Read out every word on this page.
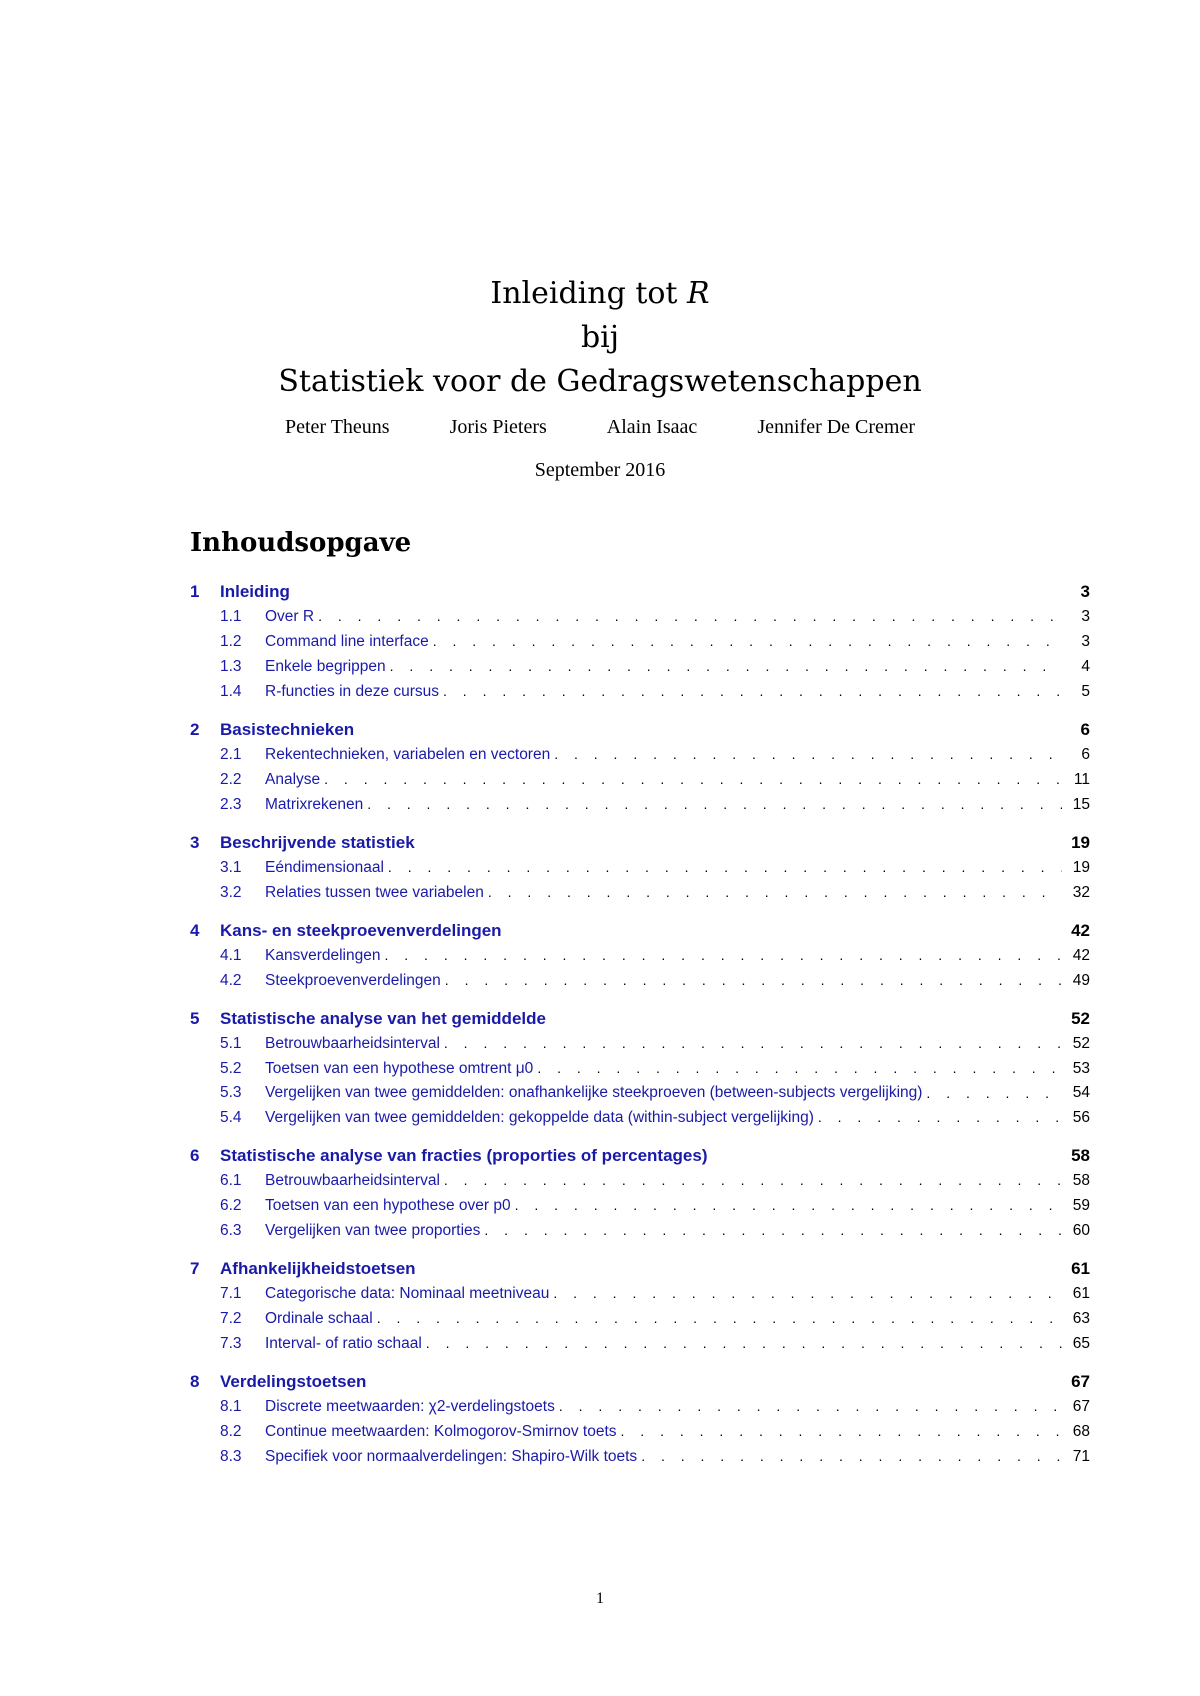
Inleiding tot R
bij
Statistiek voor de Gedragswetenschappen
Peter Theuns	Joris Pieters	Alain Isaac	Jennifer De Cremer
September 2016
Inhoudsopgave
1	Inleiding	3
1.1	Over R . . .	3
1.2	Command line interface . . .	3
1.3	Enkele begrippen . . .	4
1.4	R-functies in deze cursus . . .	5
2	Basistechnieken	6
2.1	Rekentechnieken, variabelen en vectoren . . .	6
2.2	Analyse . . .	11
2.3	Matrixrekenen . . .	15
3	Beschrijvende statistiek	19
3.1	Eéndimensionaal . . .	19
3.2	Relaties tussen twee variabelen . . .	32
4	Kans- en steekproevenverdelingen	42
4.1	Kansverdelingen . . .	42
4.2	Steekproevenverdelingen . . .	49
5	Statistische analyse van het gemiddelde	52
5.1	Betrouwbaarheidsinterval . . .	52
5.2	Toetsen van een hypothese omtrent μ0 . . .	53
5.3	Vergelijken van twee gemiddelden: onafhankelijke steekproeven (between-subjects vergelijking) . . .	54
5.4	Vergelijken van twee gemiddelden: gekoppelde data (within-subject vergelijking) . . .	56
6	Statistische analyse van fracties (proporties of percentages)	58
6.1	Betrouwbaarheidsinterval . . .	58
6.2	Toetsen van een hypothese over p0 . . .	59
6.3	Vergelijken van twee proporties . . .	60
7	Afhankelijkheidstoetsen	61
7.1	Categorische data: Nominaal meetniveau . . .	61
7.2	Ordinale schaal . . .	63
7.3	Interval- of ratio schaal . . .	65
8	Verdelingstoetsen	67
8.1	Discrete meetwaarden: χ2-verdelingstoets . . .	67
8.2	Continue meetwaarden: Kolmogorov-Smirnov toets . . .	68
8.3	Specifiek voor normaalverdelingen: Shapiro-Wilk toets . . .	71
1
